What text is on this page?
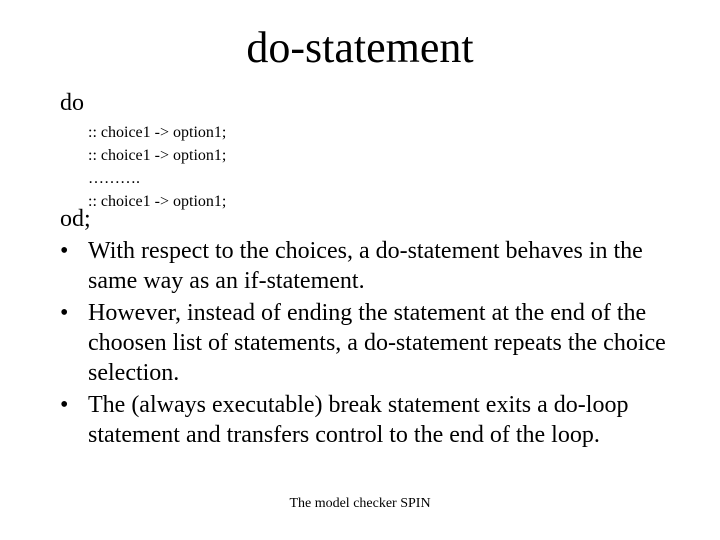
do-statement
do
:: choice1 -> option1;
:: choice1 -> option1;
……….
:: choice1 -> option1;
od;
• With respect to the choices, a do-statement behaves in the same way as an if-statement.
• However, instead of ending the statement at the end of the choosen list of statements, a do-statement repeats the choice selection.
• The (always executable) break statement exits a do-loop statement and transfers control to the end of the loop.
The model checker SPIN
